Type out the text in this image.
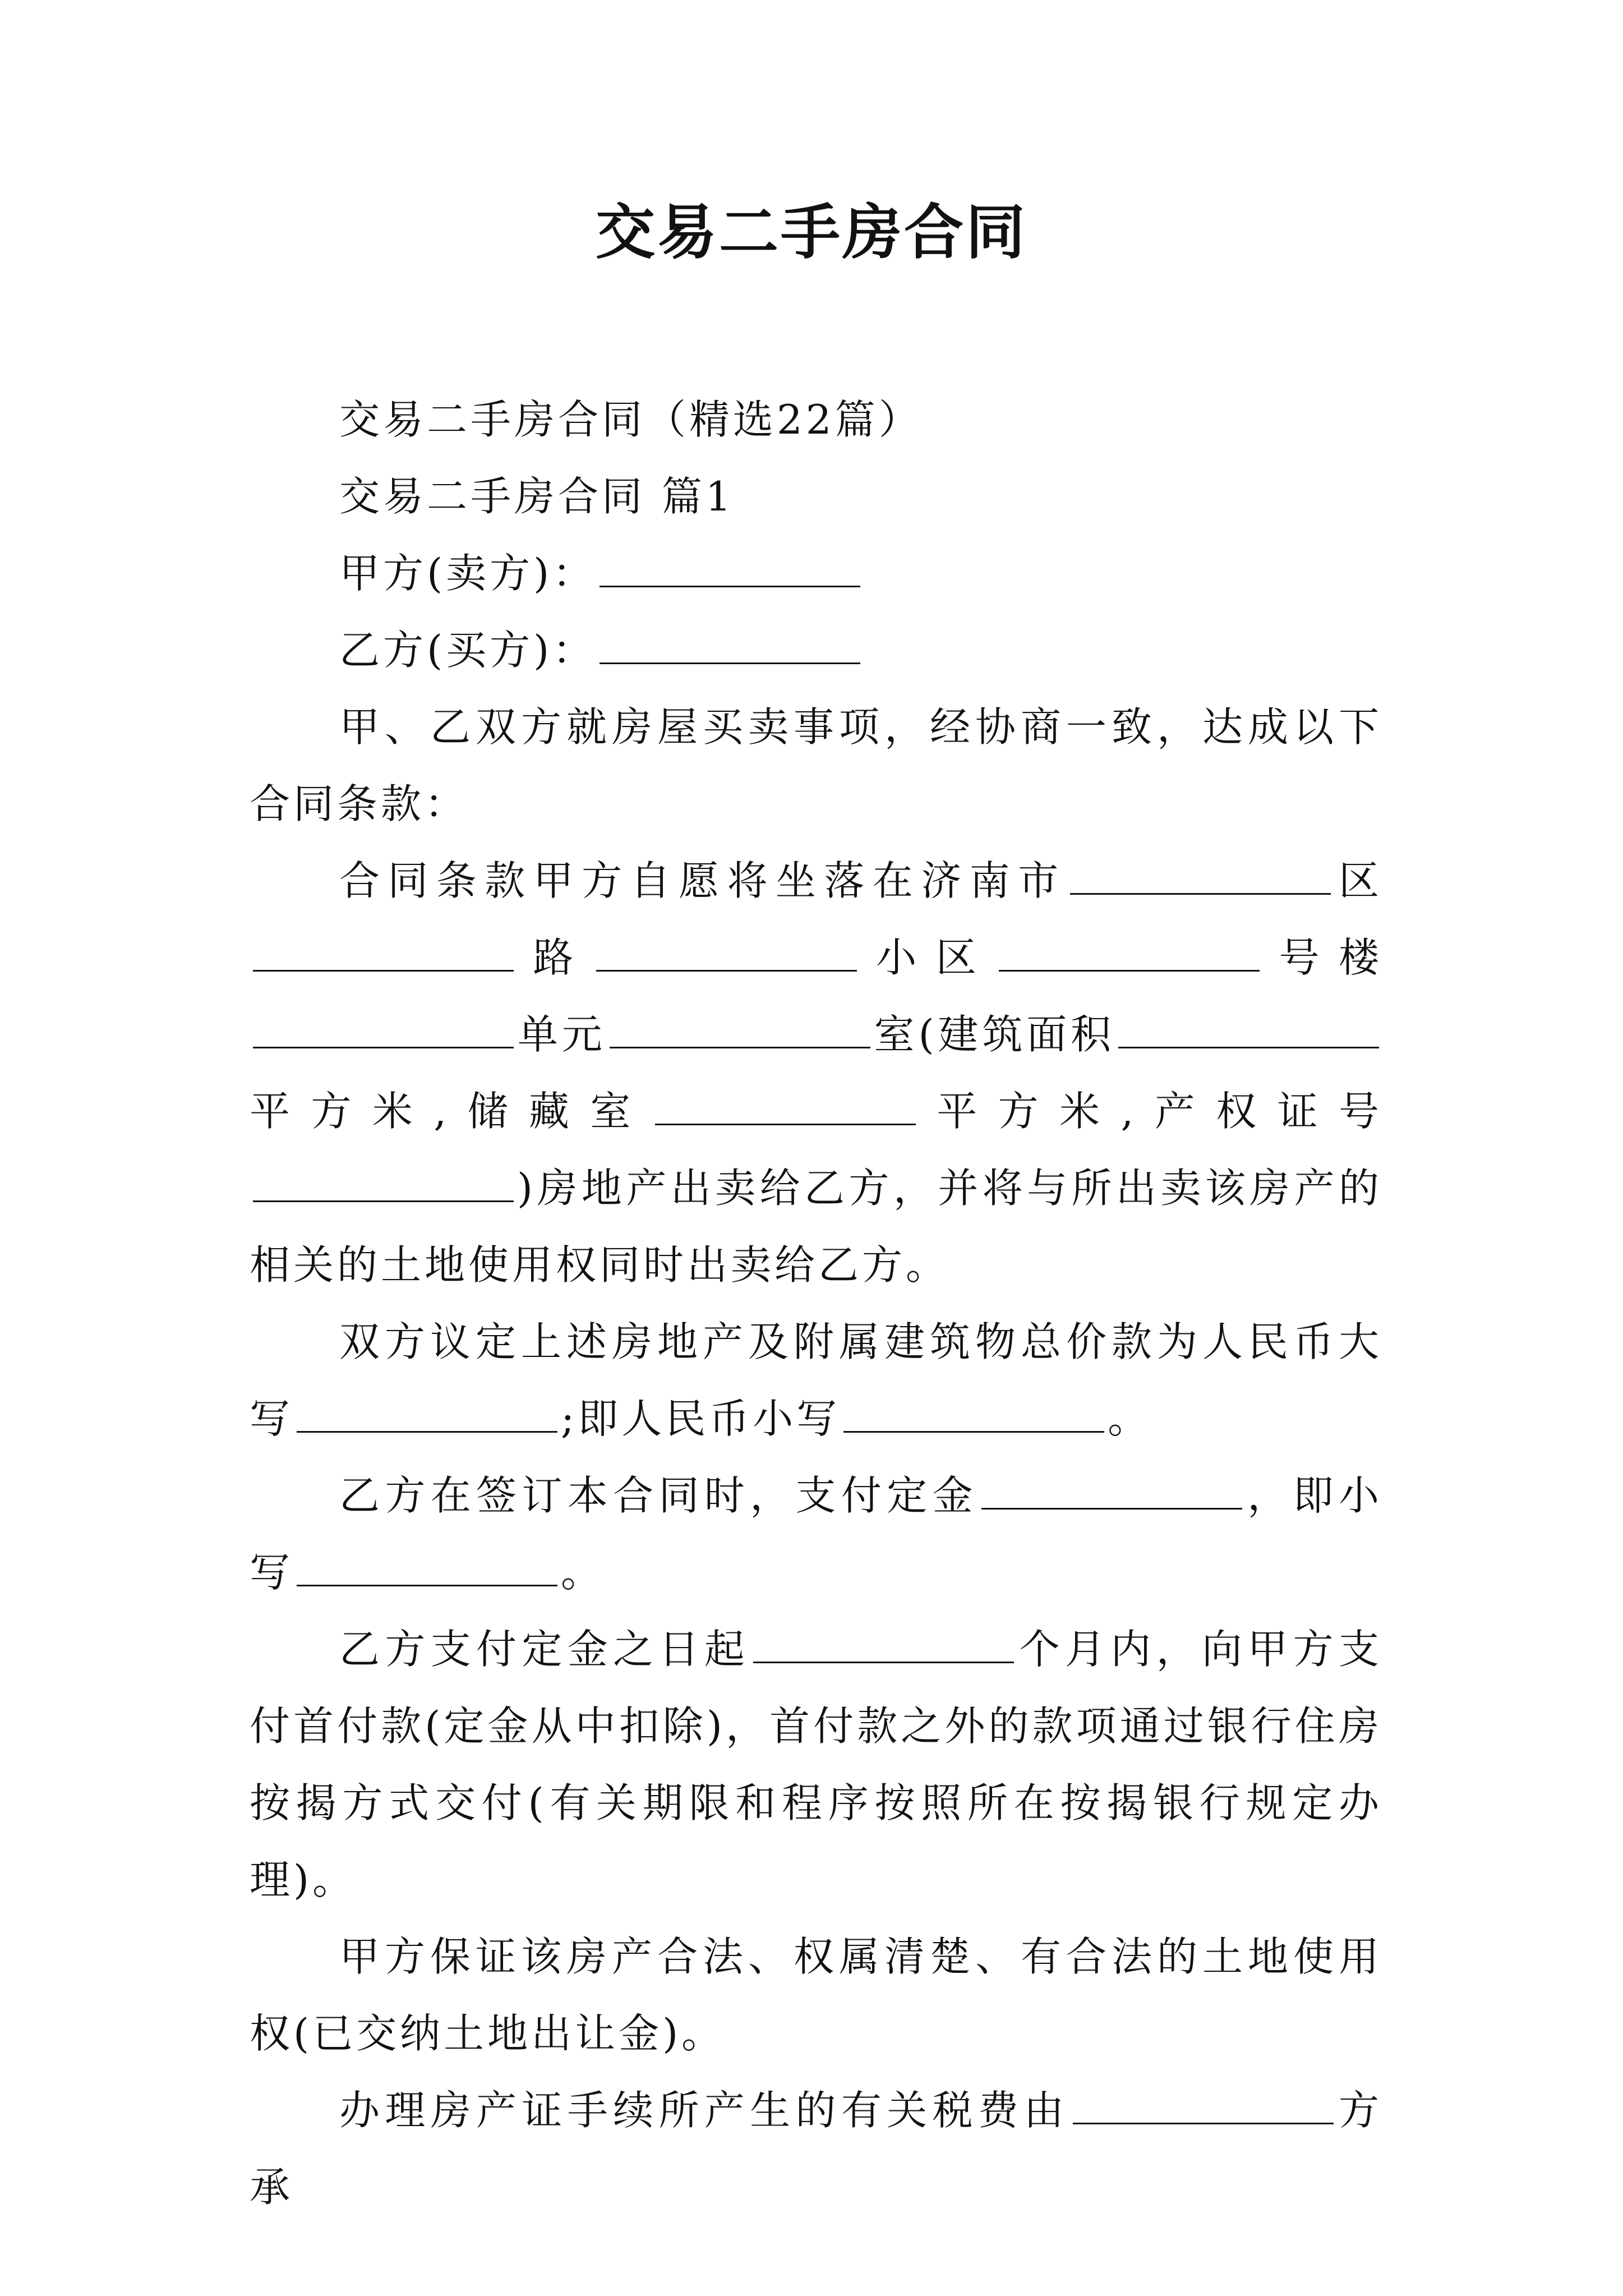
交易二手房合同

交易二手房合同（精选22篇）

交易二手房合同 篇1

甲方(卖方)：

乙方(买方)：

甲、乙双方就房屋买卖事项，经协商一致，达成以下合同条款：

合同条款甲方自愿将坐落在济南市	区路	小区	号楼单元	室(建筑面积平方米,储藏室	平方米,产权证号)房地产出卖给乙方，并将与所出卖该房产的相关的土地使用权同时出卖给乙方。

双方议定上述房地产及附属建筑物总价款为人民币大写	;即人民币小写	。

乙方在签订本合同时，支付定金	，即小写	。

乙方支付定金之日起	个月内，向甲方支付首付款(定金从中扣除)，首付款之外的款项通过银行住房按揭方式交付(有关期限和程序按照所在按揭银行规定办理)。

甲方保证该房产合法、权属清楚、有合法的土地使用权(已交纳土地出让金)。

办理房产证手续所产生的有关税费由	方承
